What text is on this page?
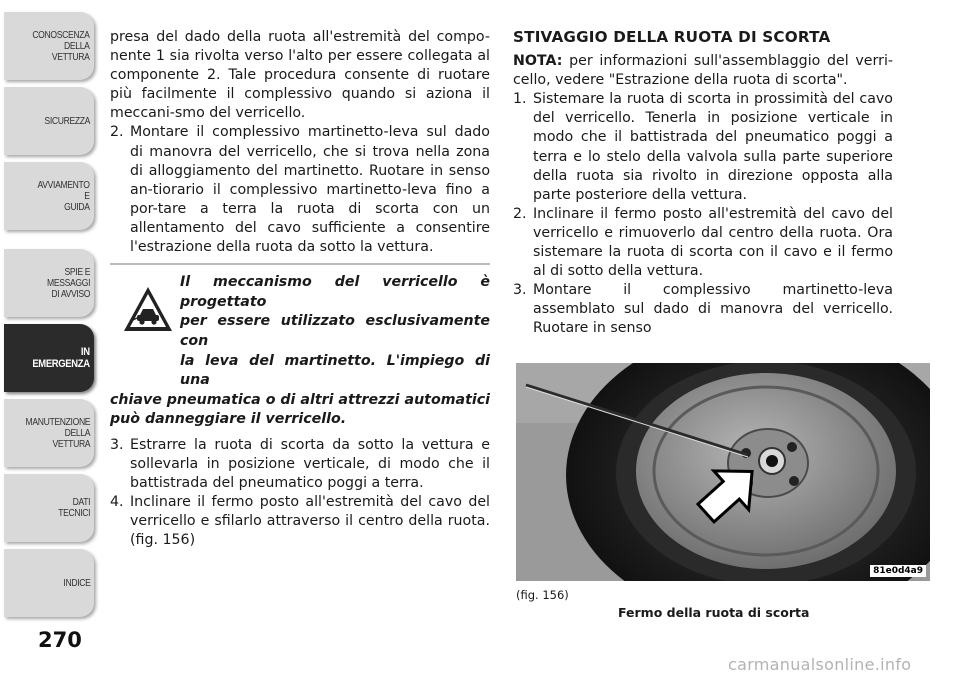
CONOSCENZA
DELLA
VETTURA
SICUREZZA
AVVIAMENTO
E
GUIDA
SPIE E
MESSAGGI
DI AVVISO
IN
EMERGENZA
MANUTENZIONE
DELLA
VETTURA
DATI
TECNICI
INDICE
270

presa del dado della ruota all'estremità del compo-nente 1 sia rivolta verso l'alto per essere collegata al componente 2. Tale procedura consente di ruotare più facilmente il complessivo quando si aziona il meccani-smo del verricello.

2. Montare il complessivo martinetto-leva sul dado di manovra del verricello, che si trova nella zona di alloggiamento del martinetto. Ruotare in senso an-tiorario il complessivo martinetto-leva fino a por-tare a terra la ruota di scorta con un allentamento del cavo sufficiente a consentire l'estrazione della ruota da sotto la vettura.

Il meccanismo del verricello è progettato
per essere utilizzato esclusivamente con
la leva del martinetto. L'impiego di una
chiave pneumatica o di altri attrezzi automatici può danneggiare il verricello.

3. Estrarre la ruota di scorta da sotto la vettura e sollevarla in posizione verticale, di modo che il battistrada del pneumatico poggi a terra.
4. Inclinare il fermo posto all'estremità del cavo del verricello e sfilarlo attraverso il centro della ruota. (fig. 156)

STIVAGGIO DELLA RUOTA DI SCORTA

NOTA: per informazioni sull'assemblaggio del verri-cello, vedere "Estrazione della ruota di scorta".

1. Sistemare la ruota di scorta in prossimità del cavo del verricello. Tenerla in posizione verticale in modo che il battistrada del pneumatico poggi a terra e lo stelo della valvola sulla parte superiore della ruota sia rivolto in direzione opposta alla parte posteriore della vettura.
2. Inclinare il fermo posto all'estremità del cavo del verricello e rimuoverlo dal centro della ruota. Ora sistemare la ruota di scorta con il cavo e il fermo al di sotto della vettura.
3. Montare il complessivo martinetto-leva assemblato sul dado di manovra del verricello. Ruotare in senso
81e0d4a9
(fig. 156)
Fermo della ruota di scorta
carmanualsonline.info
